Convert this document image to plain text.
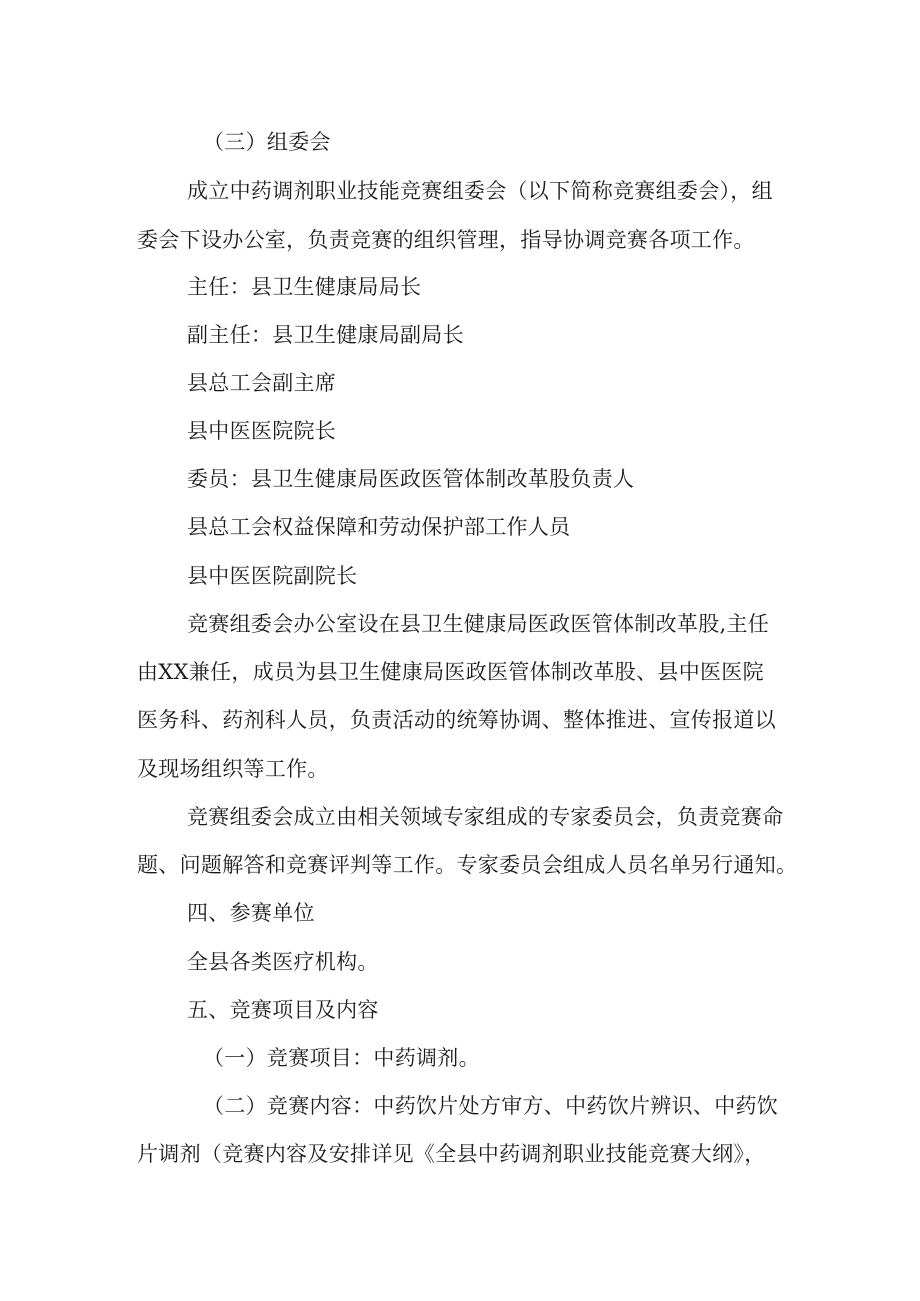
（三）组委会
成立中药调剂职业技能竞赛组委会（以下简称竞赛组委会），组
委会下设办公室，负责竞赛的组织管理，指导协调竞赛各项工作。
主任：县卫生健康局局长
副主任：县卫生健康局副局长
县总工会副主席
县中医医院院长
委员：县卫生健康局医政医管体制改革股负责人
县总工会权益保障和劳动保护部工作人员
县中医医院副院长
竞赛组委会办公室设在县卫生健康局医政医管体制改革股,主任
由XX兼任，成员为县卫生健康局医政医管体制改革股、县中医医院
医务科、药剂科人员，负责活动的统筹协调、整体推进、宣传报道以
及现场组织等工作。
竞赛组委会成立由相关领域专家组成的专家委员会，负责竞赛命
题、问题解答和竞赛评判等工作。专家委员会组成人员名单另行通知。
四、参赛单位
全县各类医疗机构。
五、竞赛项目及内容
（一）竞赛项目：中药调剂。
（二）竞赛内容：中药饮片处方审方、中药饮片辨识、中药饮
片调剂（竞赛内容及安排详见《全县中药调剂职业技能竞赛大纲》，
